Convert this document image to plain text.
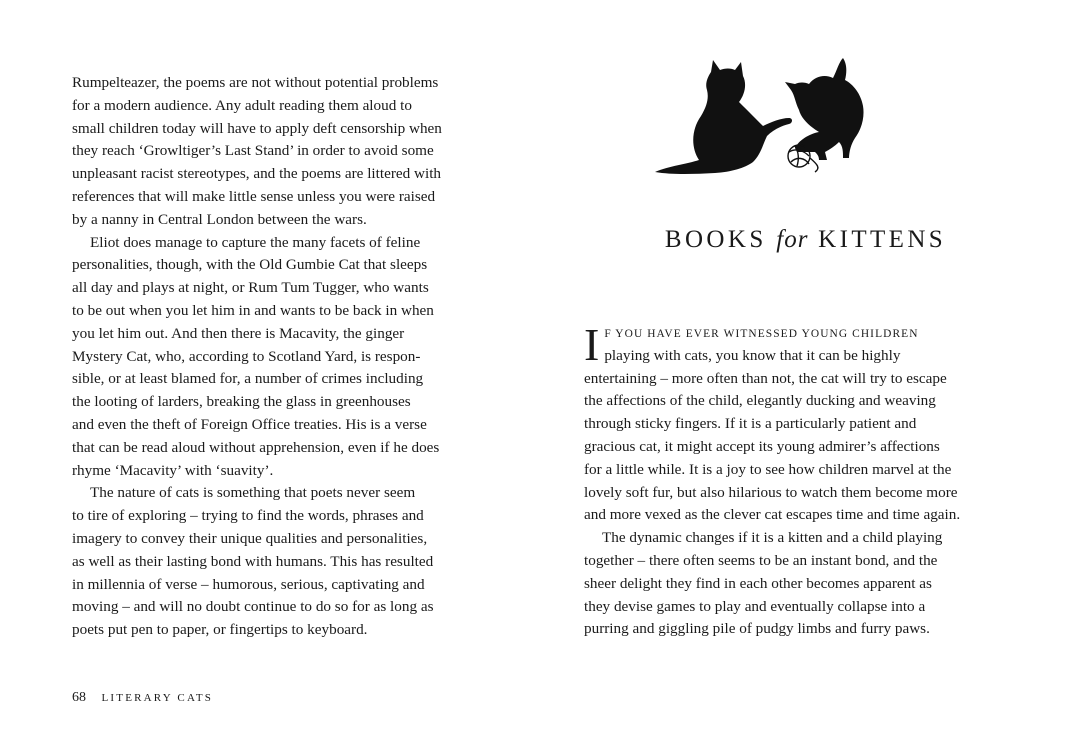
Rumpelteazer, the poems are not without potential problems
for a modern audience. Any adult reading them aloud to
small children today will have to apply deft censorship when
they reach ‘Growltiger’s Last Stand’ in order to avoid some
unpleasant racist stereotypes, and the poems are littered with
references that will make little sense unless you were raised
by a nanny in Central London between the wars.
Eliot does manage to capture the many facets of feline
personalities, though, with the Old Gumbie Cat that sleeps
all day and plays at night, or Rum Tum Tugger, who wants
to be out when you let him in and wants to be back in when
you let him out. And then there is Macavity, the ginger
Mystery Cat, who, according to Scotland Yard, is respon-
sible, or at least blamed for, a number of crimes including
the looting of larders, breaking the glass in greenhouses
and even the theft of Foreign Office treaties. His is a verse
that can be read aloud without apprehension, even if he does
rhyme ‘Macavity’ with ‘suavity’.
The nature of cats is something that poets never seem
to tire of exploring – trying to find the words, phrases and
imagery to convey their unique qualities and personalities,
as well as their lasting bond with humans. This has resulted
in millennia of verse – humorous, serious, captivating and
moving – and will no doubt continue to do so for as long as
poets put pen to paper, or fingertips to keyboard.
68 LITERARY CATS
BOOKS for KITTENS
I F YOU HAVE EVER WITNESSED YOUNG CHILDREN
playing with cats, you know that it can be highly
entertaining – more often than not, the cat will try to escape
the affections of the child, elegantly ducking and weaving
through sticky fingers. If it is a particularly patient and
gracious cat, it might accept its young admirer’s affections
for a little while. It is a joy to see how children marvel at the
lovely soft fur, but also hilarious to watch them become more
and more vexed as the clever cat escapes time and time again.
The dynamic changes if it is a kitten and a child playing
together – there often seems to be an instant bond, and the
sheer delight they find in each other becomes apparent as
they devise games to play and eventually collapse into a
purring and giggling pile of pudgy limbs and furry paws.
